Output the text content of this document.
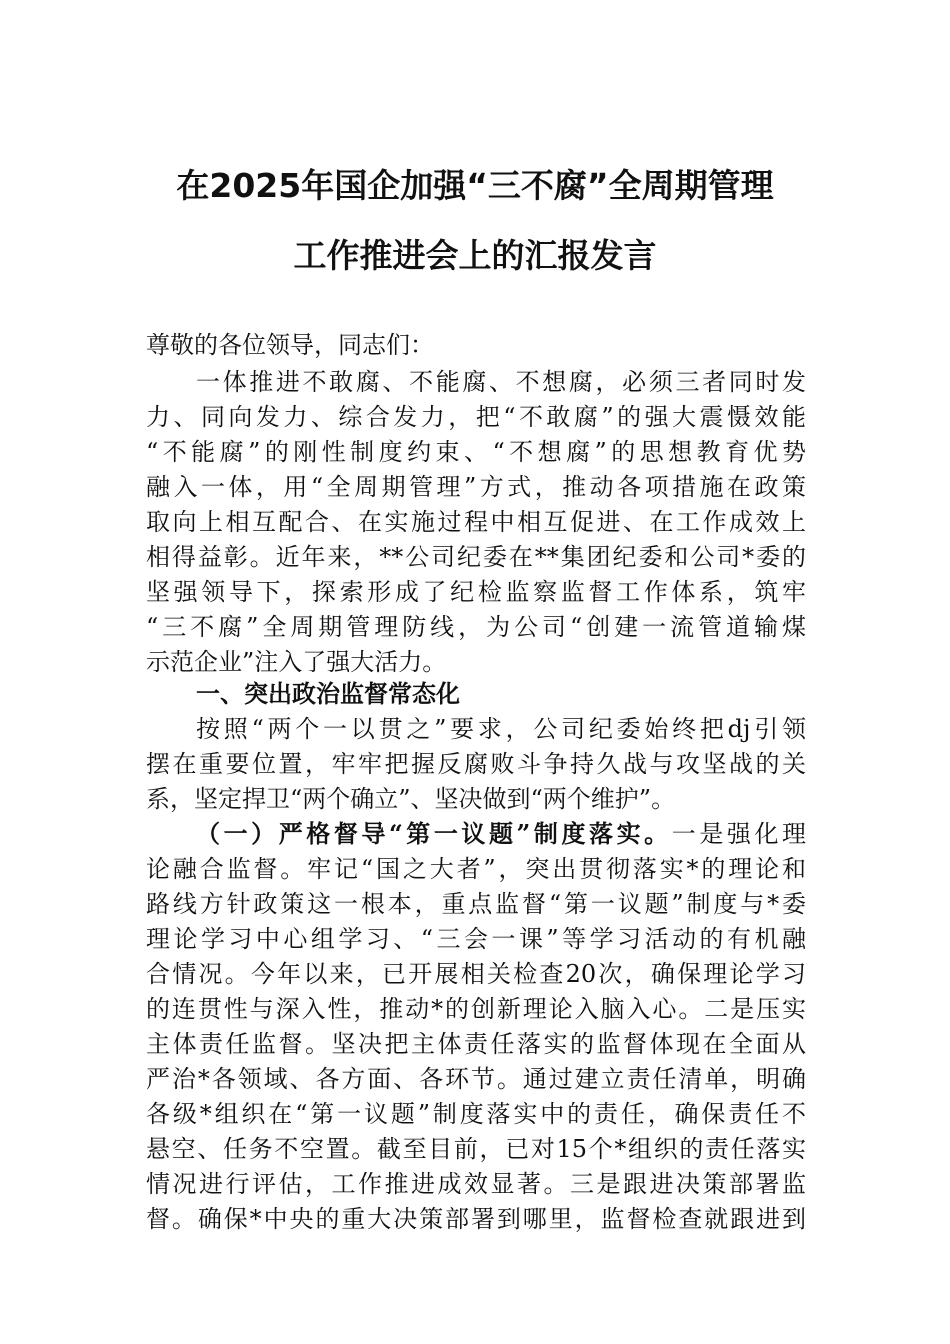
在2025年国企加强“三不腐”全周期管理
工作推进会上的汇报发言
尊敬的各位领导，同志们：
一体推进不敢腐、不能腐、不想腐，必须三者同时发
力、同向发力、综合发力，把“不敢腐”的强大震慑效能
“不能腐”的刚性制度约束、“不想腐”的思想教育优势
融入一体，用“全周期管理”方式，推动各项措施在政策
取向上相互配合、在实施过程中相互促进、在工作成效上
相得益彰。近年来，**公司纪委在**集团纪委和公司*委的
坚强领导下，探索形成了纪检监察监督工作体系，筑牢
“三不腐”全周期管理防线，为公司“创建一流管道输煤
示范企业”注入了强大活力。
一、突出政治监督常态化
按照“两个一以贯之”要求，公司纪委始终把dj引领
摆在重要位置，牢牢把握反腐败斗争持久战与攻坚战的关
系，坚定捍卫“两个确立”、坚决做到“两个维护”。
（一）严格督导“第一议题”制度落实。一是强化理
论融合监督。牢记“国之大者”，突出贯彻落实*的理论和
路线方针政策这一根本，重点监督“第一议题”制度与*委
理论学习中心组学习、“三会一课”等学习活动的有机融
合情况。今年以来，已开展相关检查20次，确保理论学习
的连贯性与深入性，推动*的创新理论入脑入心。二是压实
主体责任监督。坚决把主体责任落实的监督体现在全面从
严治*各领域、各方面、各环节。通过建立责任清单，明确
各级*组织在“第一议题”制度落实中的责任，确保责任不
悬空、任务不空置。截至目前，已对15个*组织的责任落实
情况进行评估，工作推进成效显著。三是跟进决策部署监
督。确保*中央的重大决策部署到哪里，监督检查就跟进到
